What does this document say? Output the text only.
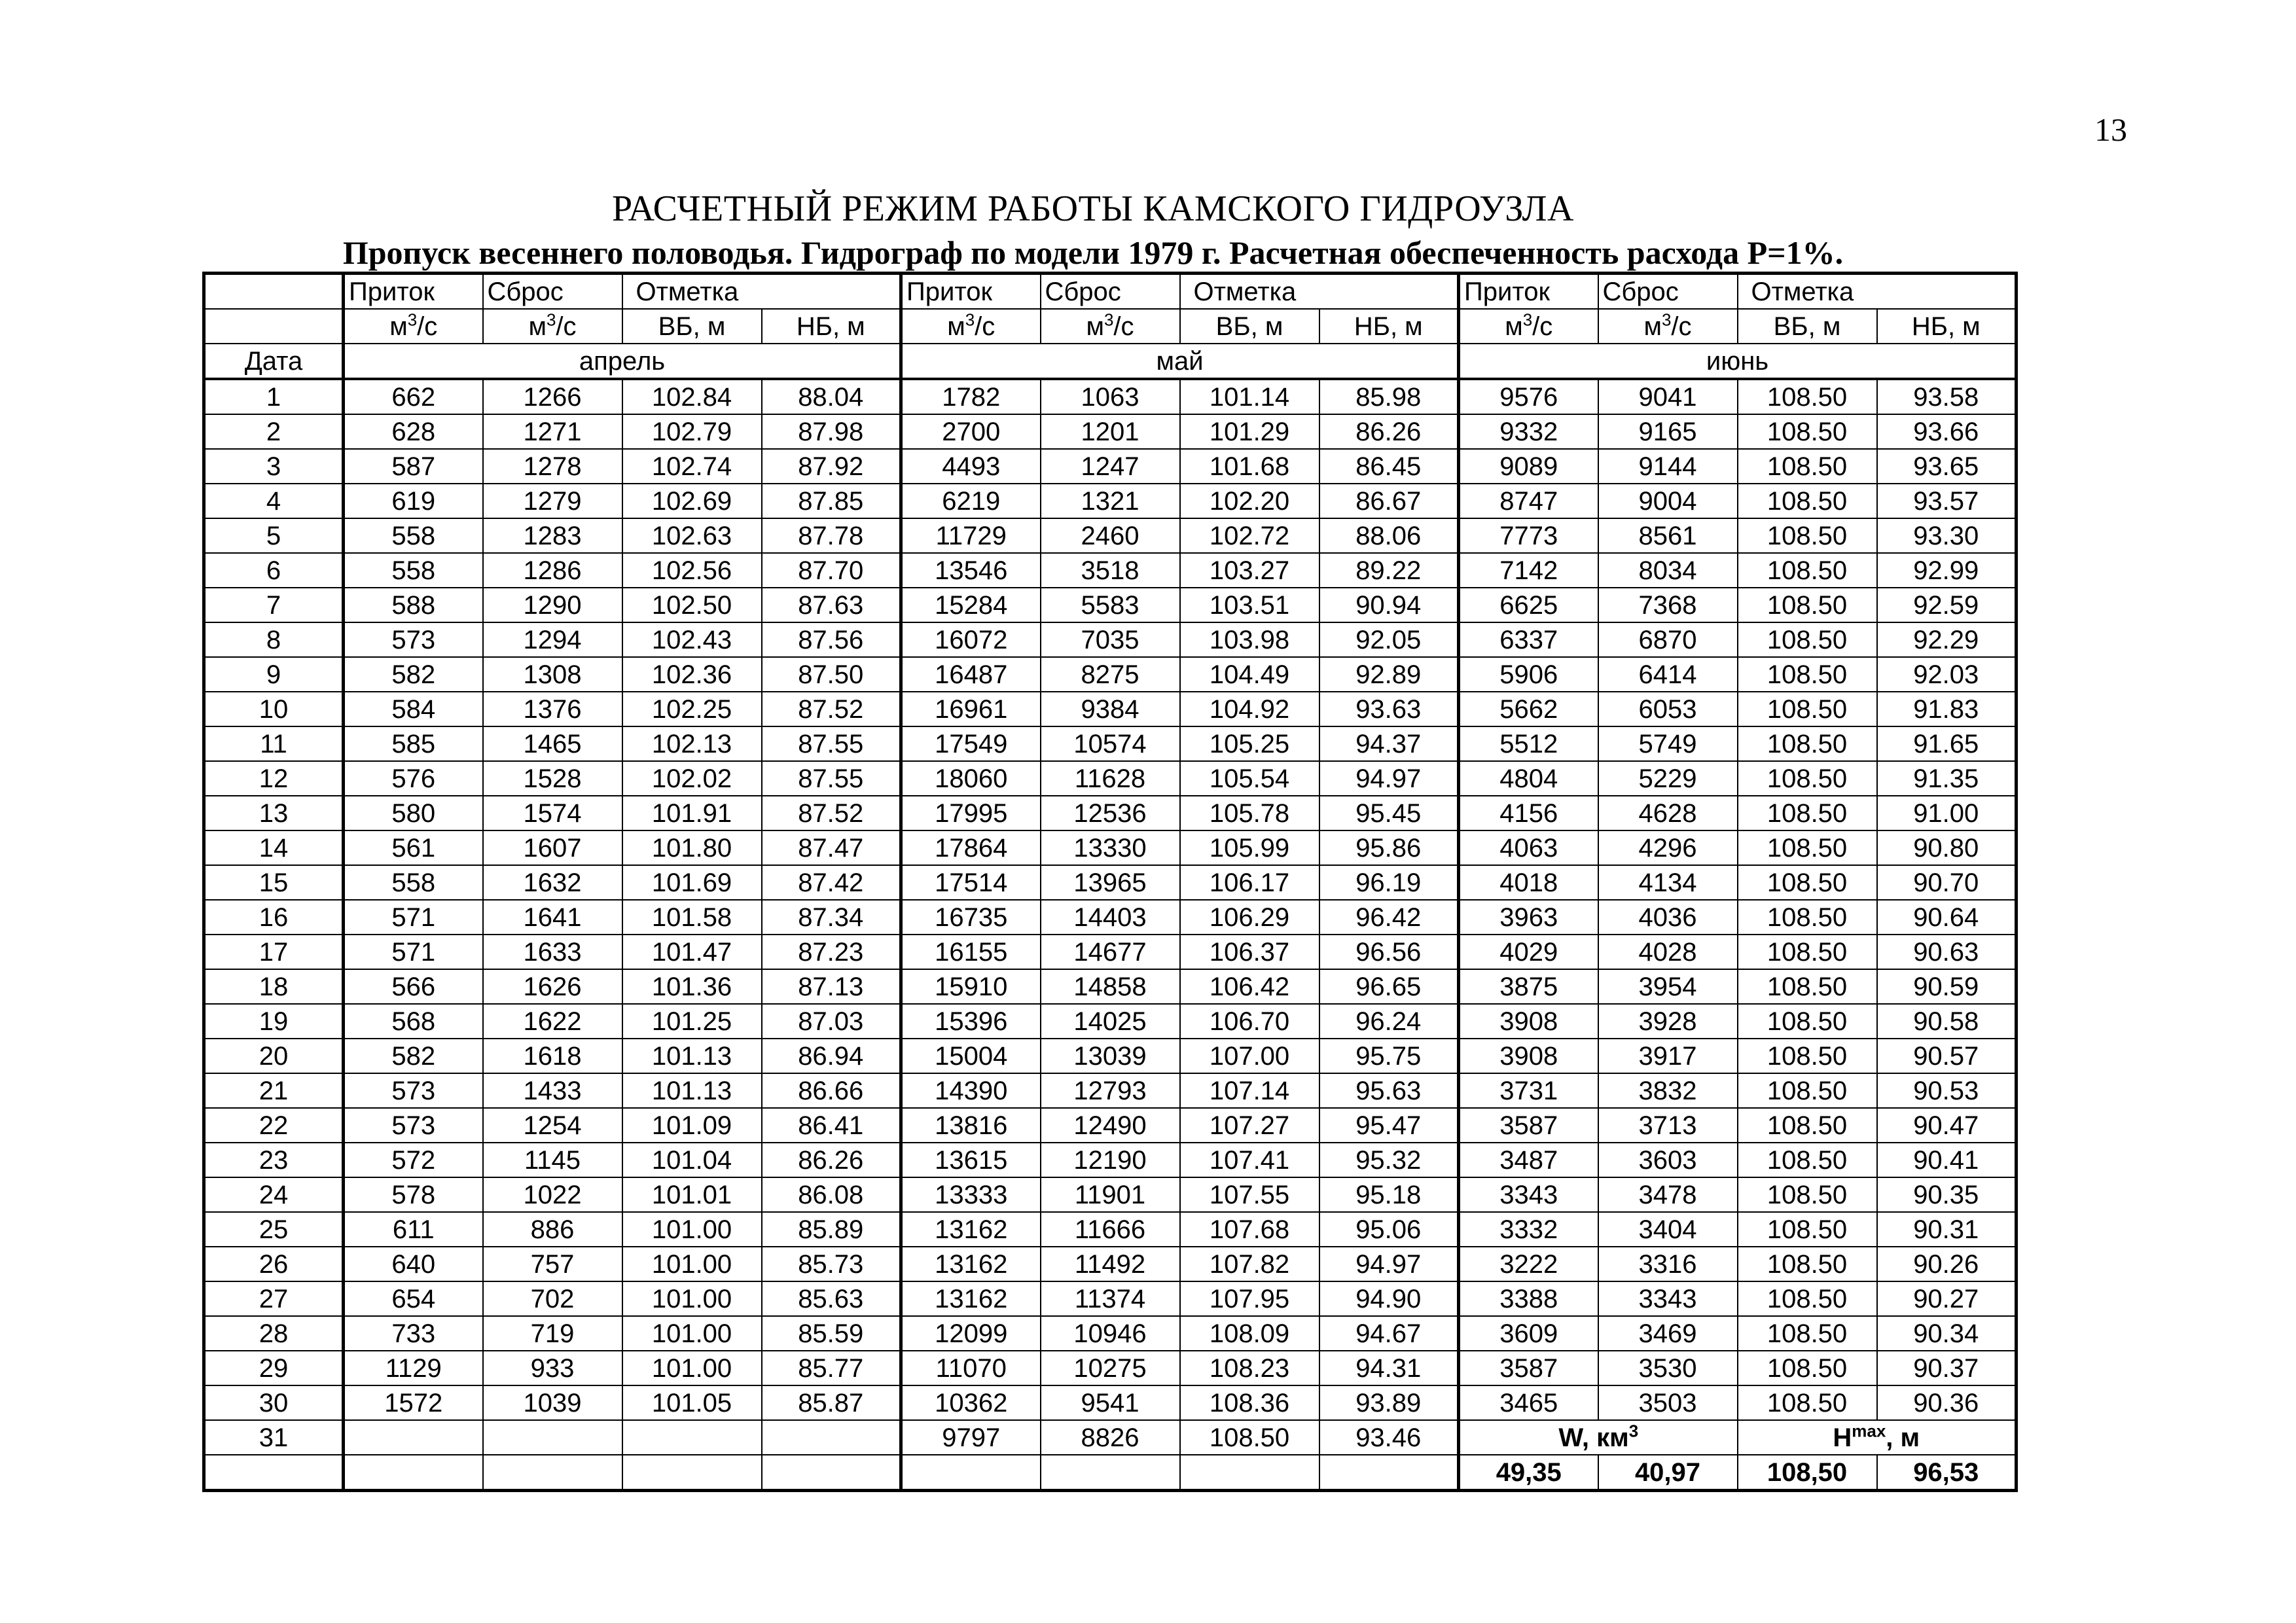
13
РАСЧЕТНЫЙ РЕЖИМ РАБОТЫ КАМСКОГО ГИДРОУЗЛА
Пропуск весеннего половодья. Гидрограф по модели 1979 г. Расчетная обеспеченность расхода Р=1%.
	Приток	Сброс	Отметка		Приток	Сброс	Отметка		Приток	Сброс	Отметка	
	$м^3/с$	$м^3/с$	ВБ, м	НБ, м	$м^3/с$	$м^3/с$	ВБ, м	НБ, м	$м^3/с$	$м^3/с$	ВБ, м	НБ, м
Дата	апрель				май				июнь			
1	662	1266	102.84	88.04	1782	1063	101.14	85.98	9576	9041	108.50	93.58
2	628	1271	102.79	87.98	2700	1201	101.29	86.26	9332	9165	108.50	93.66
3	587	1278	102.74	87.92	4493	1247	101.68	86.45	9089	9144	108.50	93.65
4	619	1279	102.69	87.85	6219	1321	102.20	86.67	8747	9004	108.50	93.57
5	558	1283	102.63	87.78	11729	2460	102.72	88.06	7773	8561	108.50	93.30
6	558	1286	102.56	87.70	13546	3518	103.27	89.22	7142	8034	108.50	92.99
7	588	1290	102.50	87.63	15284	5583	103.51	90.94	6625	7368	108.50	92.59
8	573	1294	102.43	87.56	16072	7035	103.98	92.05	6337	6870	108.50	92.29
9	582	1308	102.36	87.50	16487	8275	104.49	92.89	5906	6414	108.50	92.03
10	584	1376	102.25	87.52	16961	9384	104.92	93.63	5662	6053	108.50	91.83
11	585	1465	102.13	87.55	17549	10574	105.25	94.37	5512	5749	108.50	91.65
12	576	1528	102.02	87.55	18060	11628	105.54	94.97	4804	5229	108.50	91.35
13	580	1574	101.91	87.52	17995	12536	105.78	95.45	4156	4628	108.50	91.00
14	561	1607	101.80	87.47	17864	13330	105.99	95.86	4063	4296	108.50	90.80
15	558	1632	101.69	87.42	17514	13965	106.17	96.19	4018	4134	108.50	90.70
16	571	1641	101.58	87.34	16735	14403	106.29	96.42	3963	4036	108.50	90.64
17	571	1633	101.47	87.23	16155	14677	106.37	96.56	4029	4028	108.50	90.63
18	566	1626	101.36	87.13	15910	14858	106.42	96.65	3875	3954	108.50	90.59
19	568	1622	101.25	87.03	15396	14025	106.70	96.24	3908	3928	108.50	90.58
20	582	1618	101.13	86.94	15004	13039	107.00	95.75	3908	3917	108.50	90.57
21	573	1433	101.13	86.66	14390	12793	107.14	95.63	3731	3832	108.50	90.53
22	573	1254	101.09	86.41	13816	12490	107.27	95.47	3587	3713	108.50	90.47
23	572	1145	101.04	86.26	13615	12190	107.41	95.32	3487	3603	108.50	90.41
24	578	1022	101.01	86.08	13333	11901	107.55	95.18	3343	3478	108.50	90.35
25	611	886	101.00	85.89	13162	11666	107.68	95.06	3332	3404	108.50	90.31
26	640	757	101.00	85.73	13162	11492	107.82	94.97	3222	3316	108.50	90.26
27	654	702	101.00	85.63	13162	11374	107.95	94.90	3388	3343	108.50	90.27
28	733	719	101.00	85.59	12099	10946	108.09	94.67	3609	3469	108.50	90.34
29	1129	933	101.00	85.77	11070	10275	108.23	94.31	3587	3530	108.50	90.37
30	1572	1039	101.05	85.87	10362	9541	108.36	93.89	3465	3503	108.50	90.36
31					9797	8826	108.50	93.46	W, $км^3$		$Н^{max}$, м	
									49,35	40,97	108,50	96,53
